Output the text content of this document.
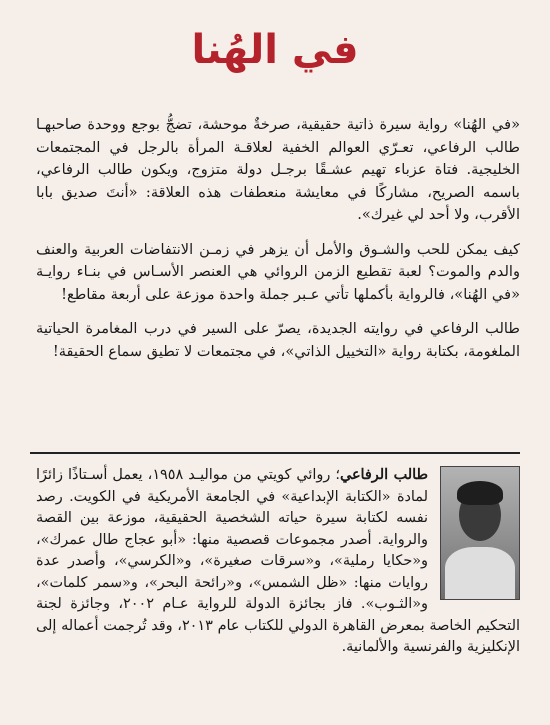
في الهُنا

«في الهُنا» رواية سيرة ذاتية حقيقية، صرخةٌ موحشة، تضجُّ بوجع ووحدة صاحبهـا طالب الرفاعي، تعـرّي العوالم الخفية لعلاقـة المرأة بالرجل في المجتمعات الخليجية. فتاة عزباء تهيم عشـقًا برجـل دولة متزوج، ويكون طالب الرفاعي، باسمه الصريح، مشاركًا في معايشة منعطفات هذه العلاقة: «أنتَ صديق بابا الأقرب، ولا أحد لي غيرك».

كيف يمكن للحب والشـوق والأمل أن يزهر في زمـن الانتفاضات العربية والعنف والدم والموت؟ لعبة تقطيع الزمن الروائي هي العنصر الأسـاس في بنـاء روايـة «في الهُنا»، فالرواية بأكملها تأتي عـبر جملة واحدة موزعة على أربعة مقاطع!

طالب الرفاعي في روايته الجديدة، يصرّ على السير في درب المغامرة الحياتية الملغومة، بكتابة رواية «التخييل الذاتي»، في مجتمعات لا تطيق سماع الحقيقة!

طالب الرفاعي؛ روائي كويتي من مواليـد ١٩٥٨، يعمل أسـتاذًا زائرًا لمادة «الكتابة الإبداعية» في الجامعة الأمريكية في الكويت. رصد نفسه لكتابة سيرة حياته الشخصية الحقيقية، موزعة بين القصة والرواية. أصدر مجموعات قصصية منها: «أبو عجاج طال عمرك»، و«حكايا رملية»، و«سرقات صغيرة»، و«الكرسي»، وأصدر عدة روايات منها: «ظل الشمس»، و«رائحة البحر»، و«سمر كلمات»، و«الثـوب». فاز بجائزة الدولة للرواية عـام ٢٠٠٢، وجائزة لجنة التحكيم الخاصة بمعرض القاهرة الدولي للكتاب عام ٢٠١٣، وقد تُرجمت أعماله إلى الإنكليزية والفرنسية والألمانية.
